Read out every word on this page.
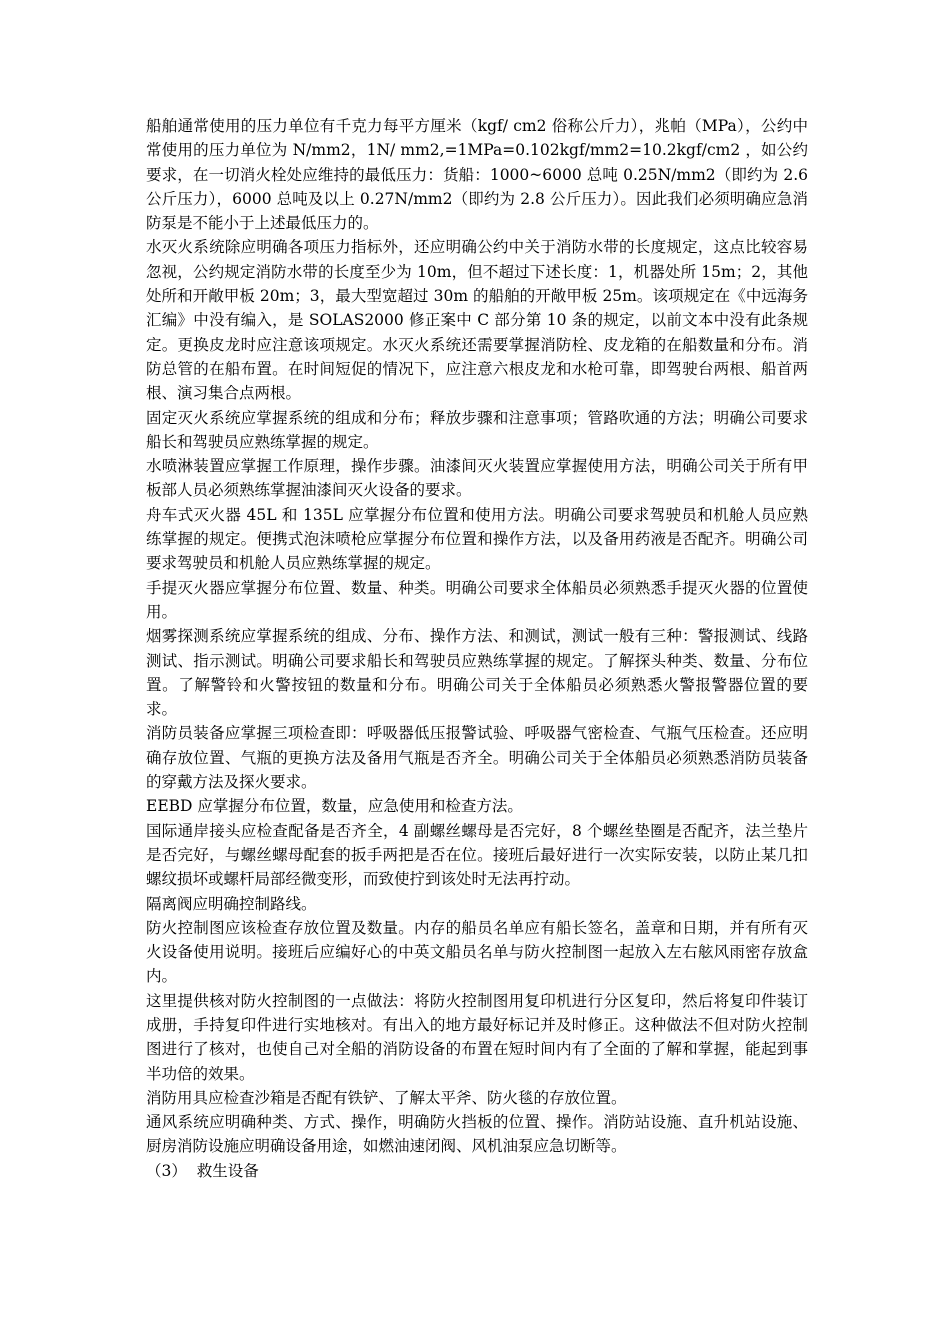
船舶通常使用的压力单位有千克力每平方厘米（kgf/ cm2 俗称公斤力），兆帕（MPa），公约中常使用的压力单位为 N/mm2，1N/ mm2,=1MPa=0.102kgf/mm2=10.2kgf/cm2 ，如公约要求，在一切消火栓处应维持的最低压力：货船：1000~6000 总吨 0.25N/mm2（即约为 2.6 公斤压力），6000 总吨及以上 0.27N/mm2（即约为 2.8 公斤压力）。因此我们必须明确应急消防泵是不能小于上述最低压力的。

水灭火系统除应明确各项压力指标外，还应明确公约中关于消防水带的长度规定，这点比较容易忽视，公约规定消防水带的长度至少为 10m，但不超过下述长度：1，机器处所 15m；2，其他处所和开敞甲板 20m；3，最大型宽超过 30m 的船舶的开敞甲板 25m。该项规定在《中远海务汇编》中没有编入，是 SOLAS2000 修正案中 C 部分第 10 条的规定，以前文本中没有此条规定。更换皮龙时应注意该项规定。水灭火系统还需要掌握消防栓、皮龙箱的在船数量和分布。消防总管的在船布置。在时间短促的情况下，应注意六根皮龙和水枪可靠，即驾驶台两根、船首两根、演习集合点两根。

固定灭火系统应掌握系统的组成和分布；释放步骤和注意事项；管路吹通的方法；明确公司要求船长和驾驶员应熟练掌握的规定。

水喷淋装置应掌握工作原理，操作步骤。油漆间灭火装置应掌握使用方法，明确公司关于所有甲板部人员必须熟练掌握油漆间灭火设备的要求。

舟车式灭火器 45L 和 135L 应掌握分布位置和使用方法。明确公司要求驾驶员和机舱人员应熟练掌握的规定。便携式泡沫喷枪应掌握分布位置和操作方法，以及备用药液是否配齐。明确公司要求驾驶员和机舱人员应熟练掌握的规定。

手提灭火器应掌握分布位置、数量、种类。明确公司要求全体船员必须熟悉手提灭火器的位置使用。

烟雾探测系统应掌握系统的组成、分布、操作方法、和测试，测试一般有三种：警报测试、线路测试、指示测试。明确公司要求船长和驾驶员应熟练掌握的规定。了解探头种类、数量、分布位置。了解警铃和火警按钮的数量和分布。明确公司关于全体船员必须熟悉火警报警器位置的要求。

消防员装备应掌握三项检查即：呼吸器低压报警试验、呼吸器气密检查、气瓶气压检查。还应明确存放位置、气瓶的更换方法及备用气瓶是否齐全。明确公司关于全体船员必须熟悉消防员装备的穿戴方法及探火要求。

EEBD 应掌握分布位置，数量，应急使用和检查方法。

国际通岸接头应检查配备是否齐全，4 副螺丝螺母是否完好，8 个螺丝垫圈是否配齐，法兰垫片是否完好，与螺丝螺母配套的扳手两把是否在位。接班后最好进行一次实际安装，以防止某几扣螺纹损坏或螺杆局部经微变形，而致使拧到该处时无法再拧动。

隔离阀应明确控制路线。

防火控制图应该检查存放位置及数量。内存的船员名单应有船长签名，盖章和日期，并有所有灭火设备使用说明。接班后应编好心的中英文船员名单与防火控制图一起放入左右舷风雨密存放盒内。

这里提供核对防火控制图的一点做法：将防火控制图用复印机进行分区复印，然后将复印件装订成册，手持复印件进行实地核对。有出入的地方最好标记并及时修正。这种做法不但对防火控制图进行了核对，也使自己对全船的消防设备的布置在短时间内有了全面的了解和掌握，能起到事半功倍的效果。

消防用具应检查沙箱是否配有铁铲、了解太平斧、防火毯的存放位置。

通风系统应明确种类、方式、操作，明确防火挡板的位置、操作。消防站设施、直升机站设施、厨房消防设施应明确设备用途，如燃油速闭阀、风机油泵应急切断等。

（3）  救生设备
